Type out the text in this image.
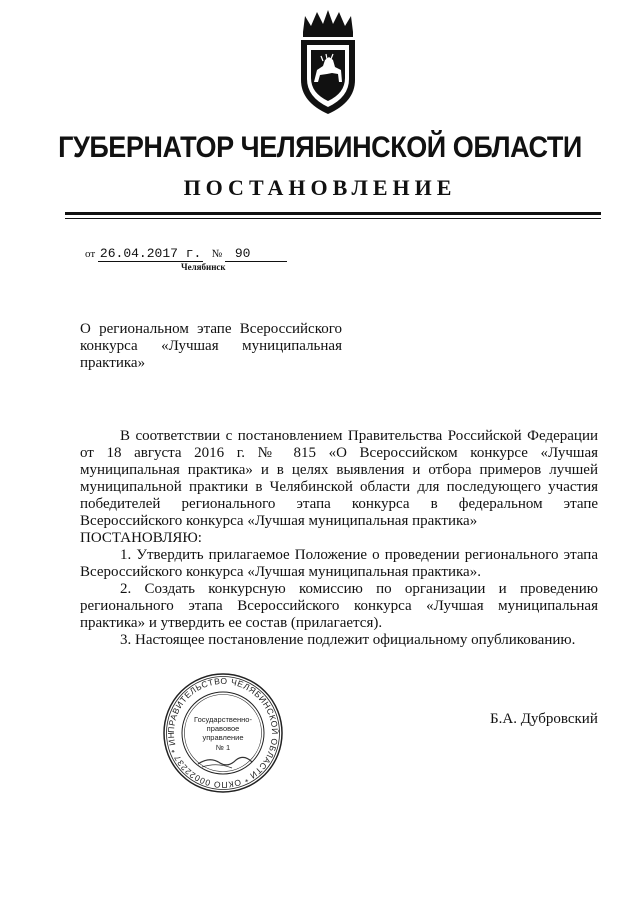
ГУБЕРНАТОР ЧЕЛЯБИНСКОЙ ОБЛАСТИ
ПОСТАНОВЛЕНИЕ
от 26.04.2017 г. № 90
Челябинск
О региональном этапе Всероссийского
конкурса «Лучшая муниципальная
практика»

В соответствии с постановлением Правительства Российской Федерации от 18 августа 2016 г. № 815 «О Всероссийском конкурсе «Лучшая муниципальная практика» и в целях выявления и отбора примеров лучшей муниципальной практики в Челябинской области для последующего участия победителей регионального этапа конкурса в федеральном этапе Всероссийского конкурса «Лучшая муниципальная практика»

ПОСТАНОВЛЯЮ:

1. Утвердить прилагаемое Положение о проведении регионального этапа Всероссийского конкурса «Лучшая муниципальная практика».

2. Создать конкурсную комиссию по организации и проведению регионального этапа Всероссийского конкурса «Лучшая муниципальная практика» и утвердить ее состав (прилагается).

3. Настоящее постановление подлежит официальному опубликованию.

ПРАВИТЕЛЬСТВО ЧЕЛЯБИНСКОЙ ОБЛАСТИ * ОКПО 00022237 * ИН
Государственно-
правовое
управление
№ 1
Б.А. Дубровский
